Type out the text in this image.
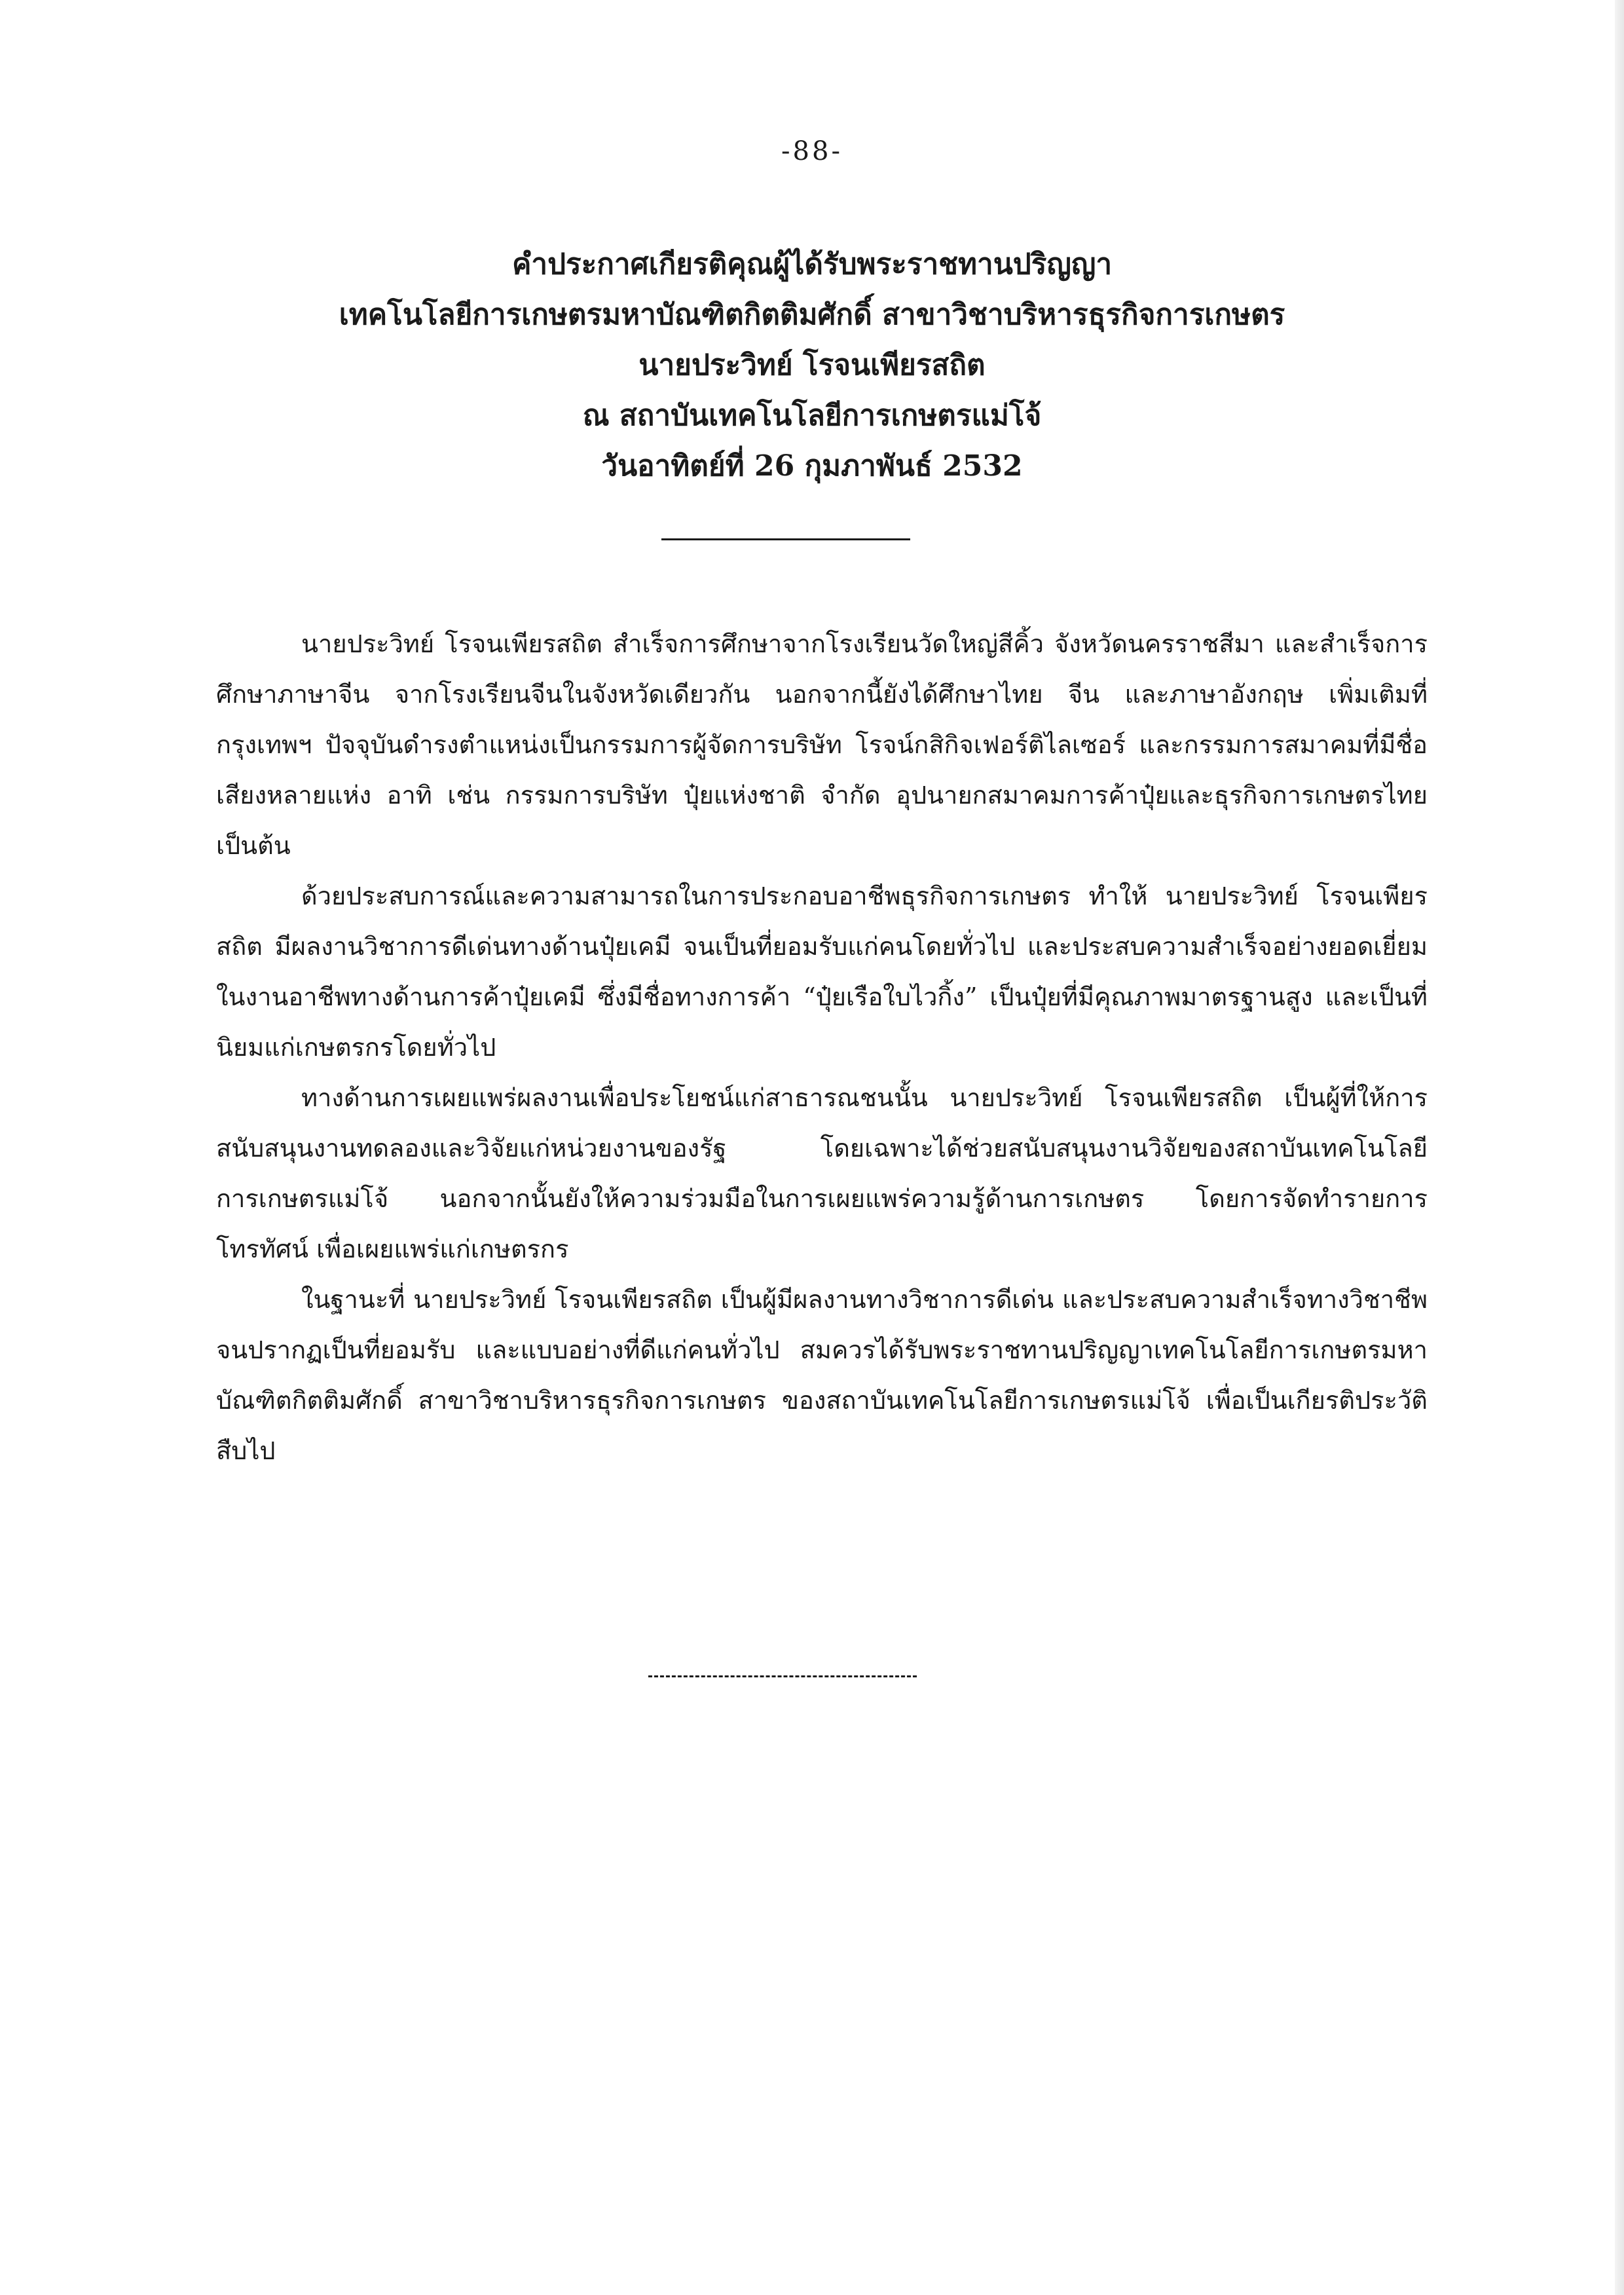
-88-
คำประกาศเกียรติคุณผู้ได้รับพระราชทานปริญญา
เทคโนโลยีการเกษตรมหาบัณฑิตกิตติมศักดิ์ สาขาวิชาบริหารธุรกิจการเกษตร
นายประวิทย์ โรจนเพียรสถิต
ณ สถาบันเทคโนโลยีการเกษตรแม่โจ้
วันอาทิตย์ที่ 26 กุมภาพันธ์ 2532

นายประวิทย์ โรจนเพียรสถิต สำเร็จการศึกษาจากโรงเรียนวัดใหญ่สีคิ้ว จังหวัดนครราชสีมา และสำเร็จการศึกษาภาษาจีน จากโรงเรียนจีนในจังหวัดเดียวกัน นอกจากนี้ยังได้ศึกษาไทย จีน และภาษาอังกฤษ เพิ่มเติมที่กรุงเทพฯ ปัจจุบันดำรงตำแหน่งเป็นกรรมการผู้จัดการบริษัท โรจน์กสิกิจเฟอร์ติไลเซอร์ และกรรมการสมาคมที่มีชื่อเสียงหลายแห่ง อาทิ เช่น กรรมการบริษัท ปุ๋ยแห่งชาติ จำกัด อุปนายกสมาคมการค้าปุ๋ยและธุรกิจการเกษตรไทย เป็นต้น

ด้วยประสบการณ์และความสามารถในการประกอบอาชีพธุรกิจการเกษตร ทำให้ นายประวิทย์ โรจนเพียรสถิต มีผลงานวิชาการดีเด่นทางด้านปุ๋ยเคมี จนเป็นที่ยอมรับแก่คนโดยทั่วไป และประสบความสำเร็จอย่างยอดเยี่ยมในงานอาชีพทางด้านการค้าปุ๋ยเคมี ซึ่งมีชื่อทางการค้า “ปุ๋ยเรือใบไวกิ้ง” เป็นปุ๋ยที่มีคุณภาพมาตรฐานสูง และเป็นที่นิยมแก่เกษตรกรโดยทั่วไป

ทางด้านการเผยแพร่ผลงานเพื่อประโยชน์แก่สาธารณชนนั้น นายประวิทย์ โรจนเพียรสถิต เป็นผู้ที่ให้การสนับสนุนงานทดลองและวิจัยแก่หน่วยงานของรัฐ โดยเฉพาะได้ช่วยสนับสนุนงานวิจัยของสถาบันเทคโนโลยีการเกษตรแม่โจ้ นอกจากนั้นยังให้ความร่วมมือในการเผยแพร่ความรู้ด้านการเกษตร โดยการจัดทำรายการโทรทัศน์ เพื่อเผยแพร่แก่เกษตรกร

ในฐานะที่ นายประวิทย์ โรจนเพียรสถิต เป็นผู้มีผลงานทางวิชาการดีเด่น และประสบความสำเร็จทางวิชาชีพจนปรากฏเป็นที่ยอมรับ และแบบอย่างที่ดีแก่คนทั่วไป สมควรได้รับพระราชทานปริญญาเทคโนโลยีการเกษตรมหาบัณฑิตกิตติมศักดิ์ สาขาวิชาบริหารธุรกิจการเกษตร ของสถาบันเทคโนโลยีการเกษตรแม่โจ้ เพื่อเป็นเกียรติประวัติสืบไป
